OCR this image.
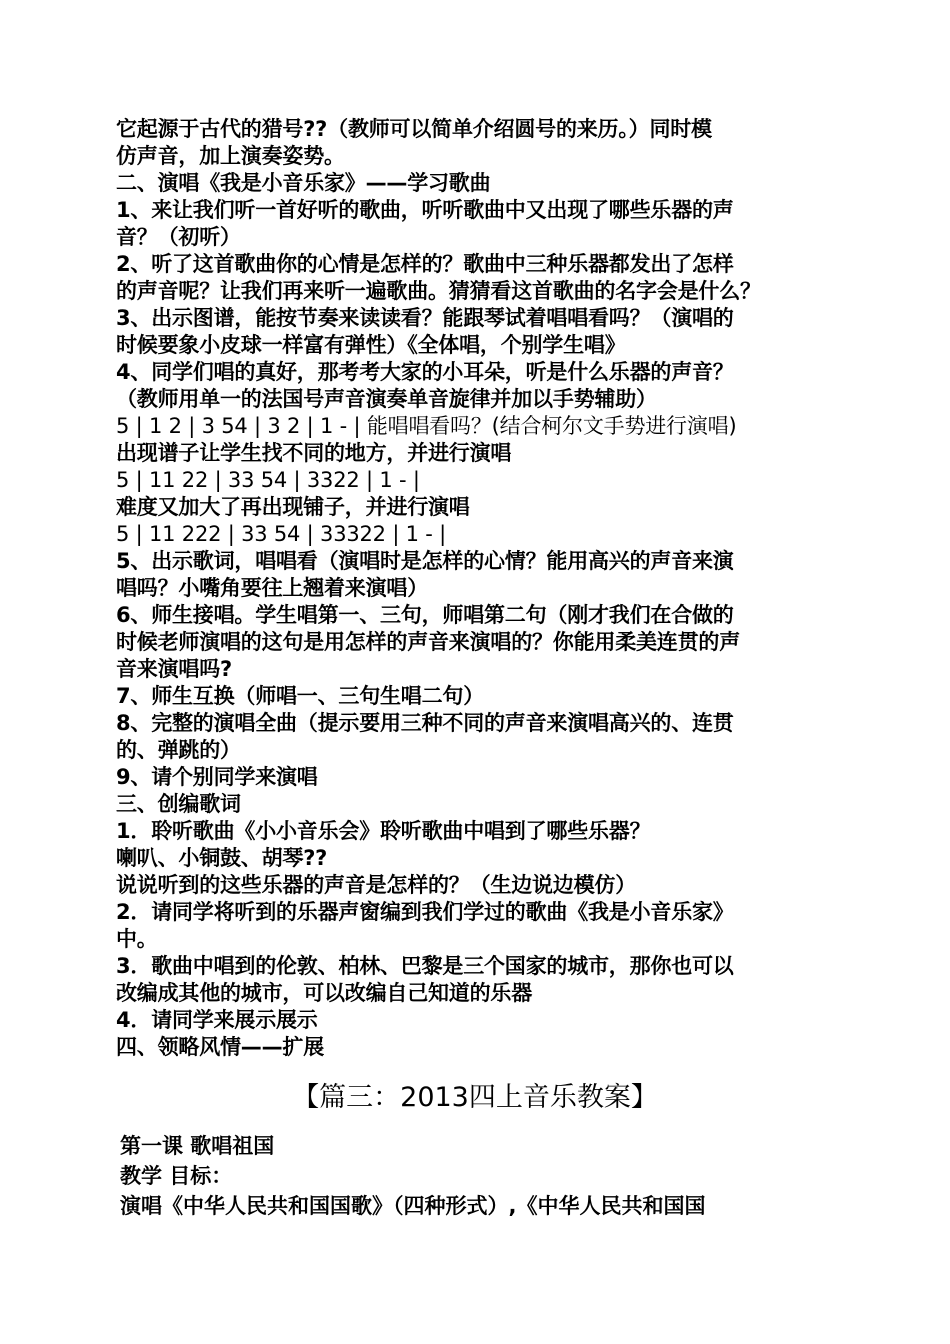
它起源于古代的猎号??（教师可以简单介绍圆号的来历。）同时模
仿声音，加上演奏姿势。
二、演唱《我是小音乐家》——学习歌曲
1、来让我们听一首好听的歌曲，听听歌曲中又出现了哪些乐器的声
音？（初听）
2、听了这首歌曲你的心情是怎样的？歌曲中三种乐器都发出了怎样
的声音呢？让我们再来听一遍歌曲。猜猜看这首歌曲的名字会是什么？
3、出示图谱，能按节奏来读读看？能跟琴试着唱唱看吗？（演唱的
时候要象小皮球一样富有弹性）《全体唱，个别学生唱》
4、同学们唱的真好，那考考大家的小耳朵，听是什么乐器的声音？
（教师用单一的法国号声音演奏单音旋律并加以手势辅助）
5 | 1 2 | 3 54 | 3 2 | 1 - | 能唱唱看吗？(结合柯尔文手势进行演唱)
出现谱子让学生找不同的地方，并进行演唱
5 | 11 22 | 33 54 | 3322 | 1 - |
难度又加大了再出现铺子，并进行演唱
5 | 11 222 | 33 54 | 33322 | 1 - |
5、出示歌词，唱唱看（演唱时是怎样的心情？能用高兴的声音来演
唱吗？小嘴角要往上翘着来演唱）
6、师生接唱。学生唱第一、三句，师唱第二句（刚才我们在合做的
时候老师演唱的这句是用怎样的声音来演唱的？你能用柔美连贯的声
音来演唱吗?
7、师生互换（师唱一、三句生唱二句）
8、完整的演唱全曲（提示要用三种不同的声音来演唱高兴的、连贯
的、弹跳的）
9、请个别同学来演唱
三、创编歌词
1．聆听歌曲《小小音乐会》聆听歌曲中唱到了哪些乐器？
喇叭、小铜鼓、胡琴??
说说听到的这些乐器的声音是怎样的？（生边说边模仿）
2．请同学将听到的乐器声窗编到我们学过的歌曲《我是小音乐家》
中。
3．歌曲中唱到的伦敦、柏林、巴黎是三个国家的城市，那你也可以
改编成其他的城市，可以改编自己知道的乐器
4．请同学来展示展示
四、领略风情——扩展
【篇三：2013四上音乐教案】
第一课 歌唱祖国
教学 目标：
演唱《中华人民共和国国歌》（四种形式）,《中华人民共和国国
